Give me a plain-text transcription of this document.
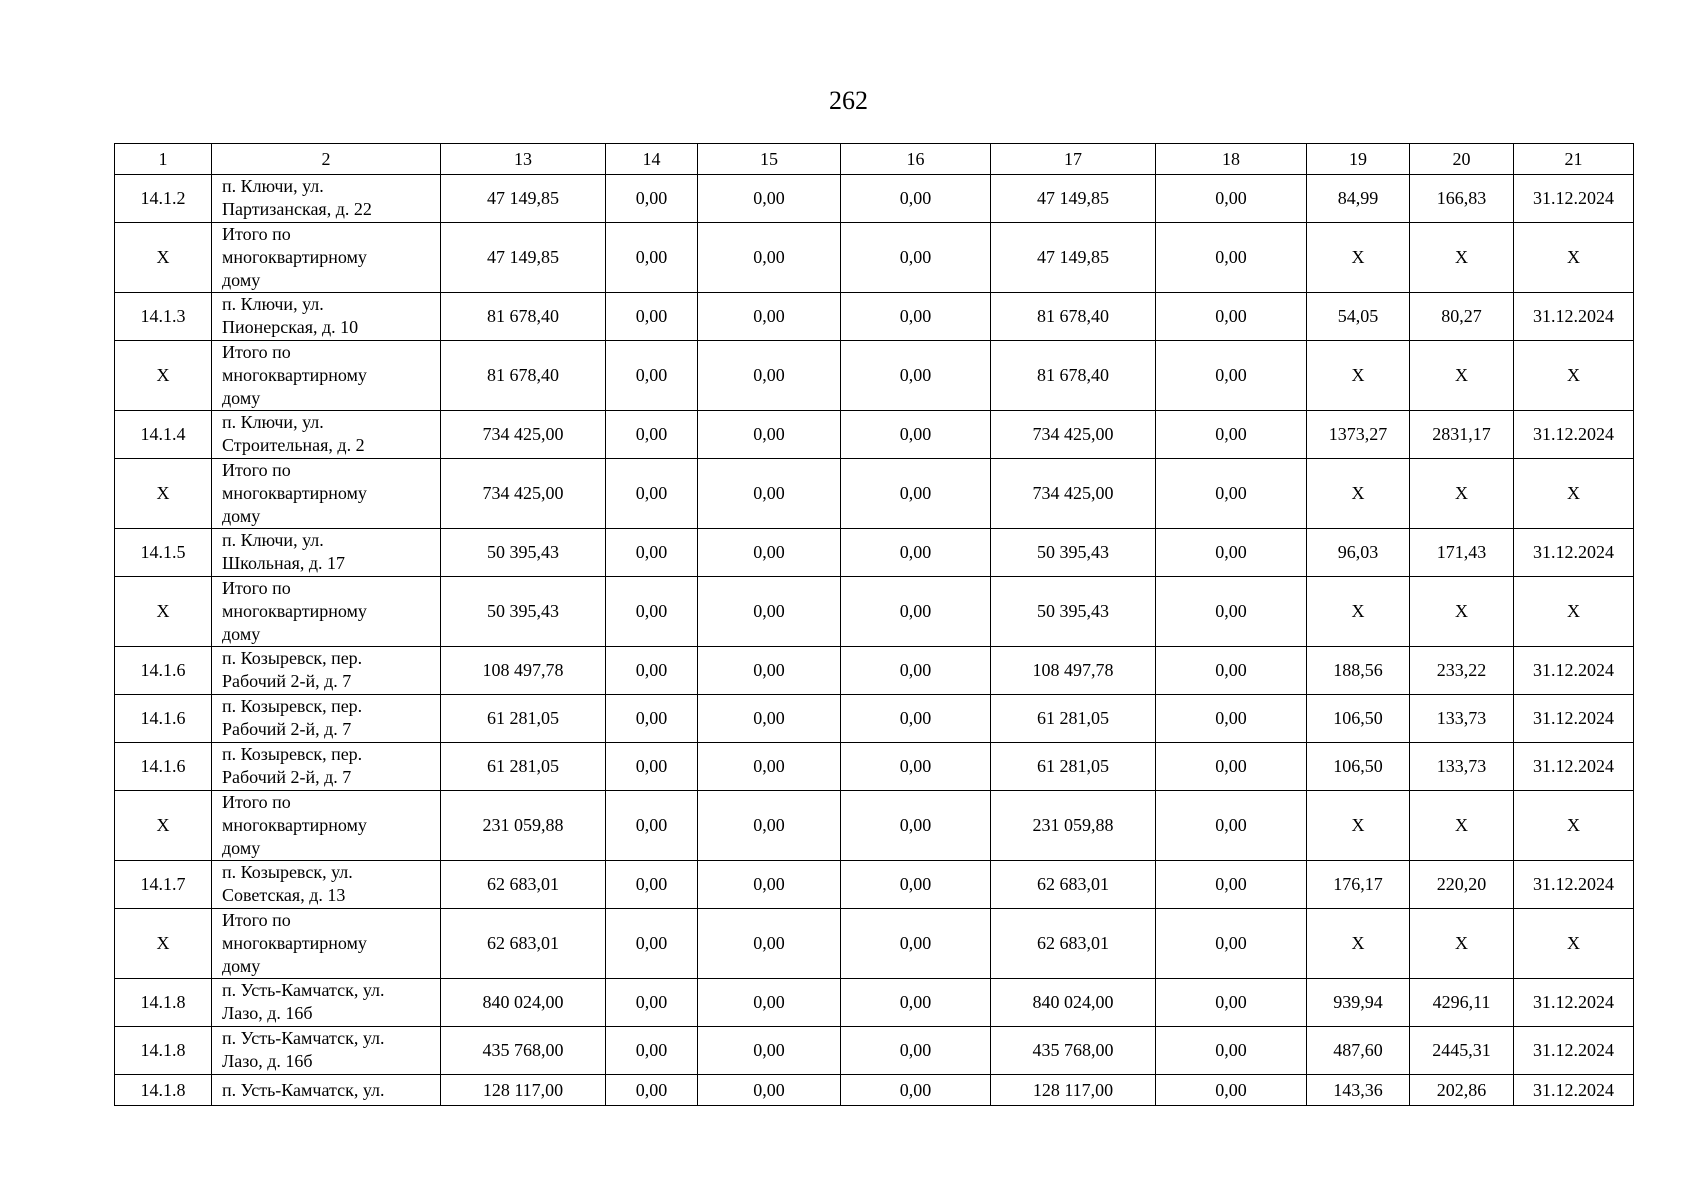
262
1	2	13	14	15	16	17	18	19	20	21
14.1.2	п. Ключи, ул.
Партизанская, д. 22	47 149,85	0,00	0,00	0,00	47 149,85	0,00	84,99	166,83	31.12.2024
X	Итого по
многоквартирному
дому	47 149,85	0,00	0,00	0,00	47 149,85	0,00	X	X	X
14.1.3	п. Ключи, ул.
Пионерская, д. 10	81 678,40	0,00	0,00	0,00	81 678,40	0,00	54,05	80,27	31.12.2024
X	Итого по
многоквартирному
дому	81 678,40	0,00	0,00	0,00	81 678,40	0,00	X	X	X
14.1.4	п. Ключи, ул.
Строительная, д. 2	734 425,00	0,00	0,00	0,00	734 425,00	0,00	1373,27	2831,17	31.12.2024
X	Итого по
многоквартирному
дому	734 425,00	0,00	0,00	0,00	734 425,00	0,00	X	X	X
14.1.5	п. Ключи, ул.
Школьная, д. 17	50 395,43	0,00	0,00	0,00	50 395,43	0,00	96,03	171,43	31.12.2024
X	Итого по
многоквартирному
дому	50 395,43	0,00	0,00	0,00	50 395,43	0,00	X	X	X
14.1.6	п. Козыревск, пер.
Рабочий 2-й, д. 7	108 497,78	0,00	0,00	0,00	108 497,78	0,00	188,56	233,22	31.12.2024
14.1.6	п. Козыревск, пер.
Рабочий 2-й, д. 7	61 281,05	0,00	0,00	0,00	61 281,05	0,00	106,50	133,73	31.12.2024
14.1.6	п. Козыревск, пер.
Рабочий 2-й, д. 7	61 281,05	0,00	0,00	0,00	61 281,05	0,00	106,50	133,73	31.12.2024
X	Итого по
многоквартирному
дому	231 059,88	0,00	0,00	0,00	231 059,88	0,00	X	X	X
14.1.7	п. Козыревск, ул.
Советская, д. 13	62 683,01	0,00	0,00	0,00	62 683,01	0,00	176,17	220,20	31.12.2024
X	Итого по
многоквартирному
дому	62 683,01	0,00	0,00	0,00	62 683,01	0,00	X	X	X
14.1.8	п. Усть-Камчатск, ул.
Лазо, д. 16б	840 024,00	0,00	0,00	0,00	840 024,00	0,00	939,94	4296,11	31.12.2024
14.1.8	п. Усть-Камчатск, ул.
Лазо, д. 16б	435 768,00	0,00	0,00	0,00	435 768,00	0,00	487,60	2445,31	31.12.2024
14.1.8	п. Усть-Камчатск, ул.	128 117,00	0,00	0,00	0,00	128 117,00	0,00	143,36	202,86	31.12.2024
